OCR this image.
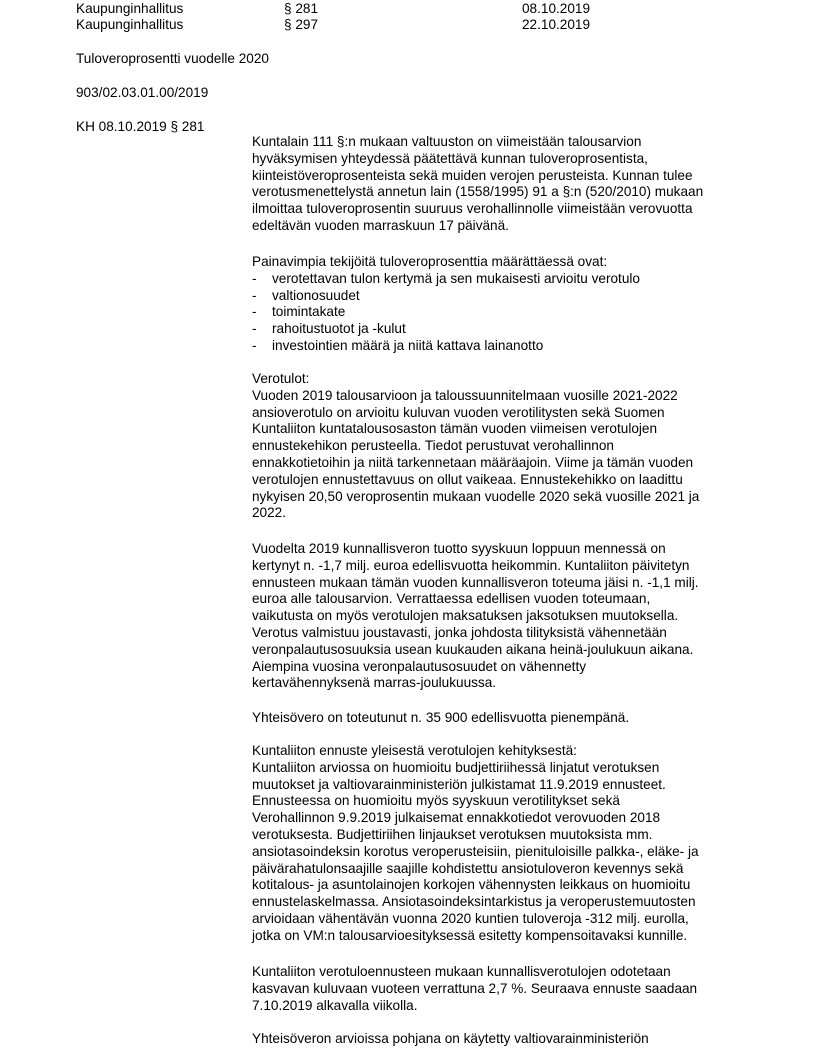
Kaupunginhallitus	§ 281	08.10.2019
Kaupunginhallitus	§ 297	22.10.2019
Tuloveroprosentti vuodelle 2020
903/02.03.01.00/2019
KH 08.10.2019 § 281

Kuntalain 111 §:n mukaan valtuuston on viimeistään talousarvion
hyväksymisen yhteydessä päätettävä kunnan tuloveroprosentista,
kiinteistöveroprosenteista sekä muiden verojen perusteista. Kunnan tulee
verotusmenettelystä annetun lain (1558/1995) 91 a §:n (520/2010) mukaan
ilmoittaa tuloveroprosentin suuruus verohallinnolle viimeistään verovuotta
edeltävän vuoden marraskuun 17 päivänä.

Painavimpia tekijöitä tuloveroprosenttia määrättäessä ovat:

- verotettavan tulon kertymä ja sen mukaisesti arvioitu verotulo
- valtionosuudet
- toimintakate
- rahoitustuotot ja -kulut
- investointien määrä ja niitä kattava lainanotto

Verotulot:
Vuoden 2019 talousarvioon ja taloussuunnitelmaan vuosille 2021-2022
ansioverotulo on arvioitu kuluvan vuoden verotilitysten sekä Suomen
Kuntaliiton kuntatalousosaston tämän vuoden viimeisen verotulojen
ennustekehikon perusteella. Tiedot perustuvat verohallinnon
ennakkotietoihin ja niitä tarkennetaan määräajoin. Viime ja tämän vuoden
verotulojen ennustettavuus on ollut vaikeaa. Ennustekehikko on laadittu
nykyisen 20,50 veroprosentin mukaan vuodelle 2020 sekä vuosille 2021 ja
2022.

Vuodelta 2019 kunnallisveron tuotto syyskuun loppuun mennessä on
kertynyt n. -1,7 milj. euroa edellisvuotta heikommin. Kuntaliiton päivitetyn
ennusteen mukaan tämän vuoden kunnallisveron toteuma jäisi n. -1,1 milj.
euroa alle talousarvion. Verrattaessa edellisen vuoden toteumaan,
vaikutusta on myös verotulojen maksatuksen jaksotuksen muutoksella.
Verotus valmistuu joustavasti, jonka johdosta tilityksistä vähennetään
veronpalautusosuuksia usean kuukauden aikana heinä-joulukuun aikana.
Aiempina vuosina veronpalautusosuudet on vähennetty
kertavähennyksenä marras-joulukuussa.

Yhteisövero on toteutunut n. 35 900 edellisvuotta pienempänä.

Kuntaliiton ennuste yleisestä verotulojen kehityksestä:
Kuntaliiton arviossa on huomioitu budjettiriihessä linjatut verotuksen
muutokset ja valtiovarainministeriön julkistamat 11.9.2019 ennusteet.
Ennusteessa on huomioitu myös syyskuun verotilitykset sekä
Verohallinnon 9.9.2019 julkaisemat ennakkotiedot verovuoden 2018
verotuksesta. Budjettiriihen linjaukset verotuksen muutoksista mm.
ansiotasoindeksin korotus veroperusteisiin, pienituloisille palkka-, eläke- ja
päivärahatulonsaajille saajille kohdistettu ansiotuloveron kevennys sekä
kotitalous- ja asuntolainojen korkojen vähennysten leikkaus on huomioitu
ennustelaskelmassa. Ansiotasoindeksintarkistus ja veroperustemuutosten
arvioidaan vähentävän vuonna 2020 kuntien tuloveroja -312 milj. eurolla,
jotka on VM:n talousarvioesityksessä esitetty kompensoitavaksi kunnille.

Kuntaliiton verotuloennusteen mukaan kunnallisverotulojen odotetaan
kasvavan kuluvaan vuoteen verrattuna 2,7 %. Seuraava ennuste saadaan
7.10.2019 alkavalla viikolla.

Yhteisöveron arvioissa pohjana on käytetty valtiovarainministeriön
